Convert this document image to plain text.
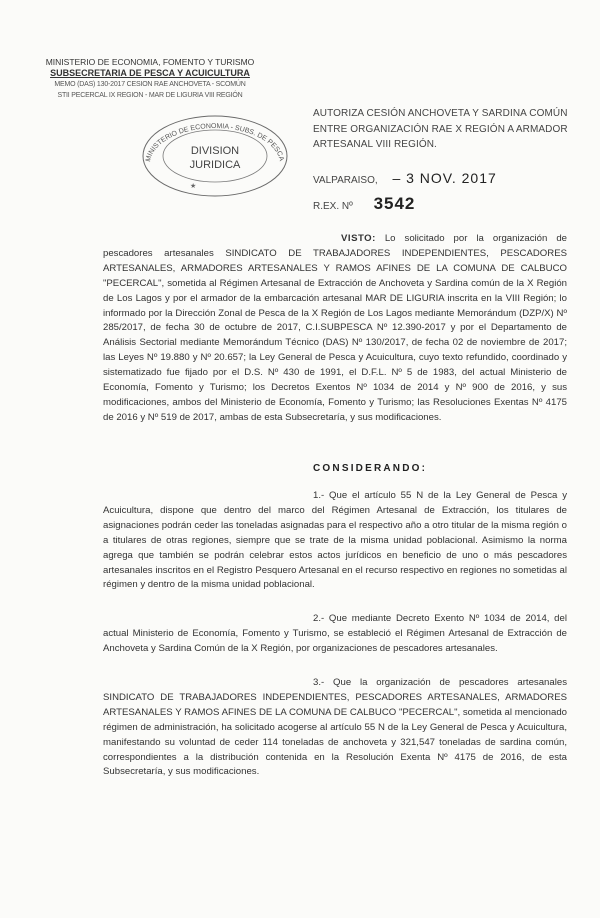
MINISTERIO DE ECONOMIA, FOMENTO Y TURISMO
SUBSECRETARIA DE PESCA Y ACUICULTURA
MEMO (DAS) 130-2017 CESION RAE ANCHOVETA - SCOMÚN
STII PECERCAL IX REGION - MAR DE LIGURIA VIII REGIÓN
MINISTERIO DE ECONOMIA - SUBS. DE PESCA
DIVISION
JURIDICA
★
AUTORIZA CESIÓN ANCHOVETA Y SARDINA COMÚN ENTRE ORGANIZACIÓN RAE X REGIÓN A ARMADOR ARTESANAL VIII REGIÓN.
VALPARAISO, – 3 NOV. 2017
R.EX. Nº 3542
VISTO: Lo solicitado por la organización de pescadores artesanales SINDICATO DE TRABAJADORES INDEPENDIENTES, PESCADORES ARTESANALES, ARMADORES ARTESANALES Y RAMOS AFINES DE LA COMUNA DE CALBUCO "PECERCAL", sometida al Régimen Artesanal de Extracción de Anchoveta y Sardina común de la X Región de Los Lagos y por el armador de la embarcación artesanal MAR DE LIGURIA inscrita en la VIII Región; lo informado por la Dirección Zonal de Pesca de la X Región de Los Lagos mediante Memorándum (DZP/X) Nº 285/2017, de fecha 30 de octubre de 2017, C.I.SUBPESCA Nº 12.390-2017 y por el Departamento de Análisis Sectorial mediante Memorándum Técnico (DAS) Nº 130/2017, de fecha 02 de noviembre de 2017; las Leyes Nº 19.880 y Nº 20.657; la Ley General de Pesca y Acuicultura, cuyo texto refundido, coordinado y sistematizado fue fijado por el D.S. Nº 430 de 1991, el D.F.L. Nº 5 de 1983, del actual Ministerio de Economía, Fomento y Turismo; los Decretos Exentos Nº 1034 de 2014 y Nº 900 de 2016, y sus modificaciones, ambos del Ministerio de Economía, Fomento y Turismo; las Resoluciones Exentas Nº 4175 de 2016 y Nº 519 de 2017, ambas de esta Subsecretaría, y sus modificaciones.
CONSIDERANDO:
1.- Que el artículo 55 N de la Ley General de Pesca y Acuicultura, dispone que dentro del marco del Régimen Artesanal de Extracción, los titulares de asignaciones podrán ceder las toneladas asignadas para el respectivo año a otro titular de la misma región o a titulares de otras regiones, siempre que se trate de la misma unidad poblacional. Asimismo la norma agrega que también se podrán celebrar estos actos jurídicos en beneficio de uno o más pescadores artesanales inscritos en el Registro Pesquero Artesanal en el recurso respectivo en regiones no sometidas al régimen y dentro de la misma unidad poblacional.
2.- Que mediante Decreto Exento Nº 1034 de 2014, del actual Ministerio de Economía, Fomento y Turismo, se estableció el Régimen Artesanal de Extracción de Anchoveta y Sardina Común de la X Región, por organizaciones de pescadores artesanales.
3.- Que la organización de pescadores artesanales SINDICATO DE TRABAJADORES INDEPENDIENTES, PESCADORES ARTESANALES, ARMADORES ARTESANALES Y RAMOS AFINES DE LA COMUNA DE CALBUCO "PECERCAL", sometida al mencionado régimen de administración, ha solicitado acogerse al artículo 55 N de la Ley General de Pesca y Acuicultura, manifestando su voluntad de ceder 114 toneladas de anchoveta y 321,547 toneladas de sardina común, correspondientes a la distribución contenida en la Resolución Exenta Nº 4175 de 2016, de esta Subsecretaría, y sus modificaciones.
